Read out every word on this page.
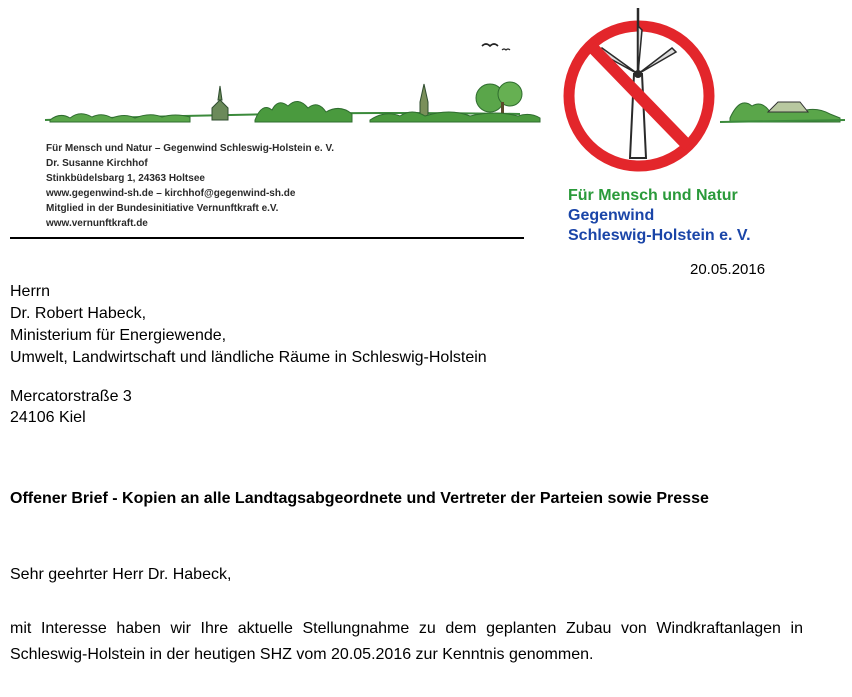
Für Mensch und Natur – Gegenwind Schleswig-Holstein e. V.
Dr. Susanne Kirchhof
Stinkbüdelsbarg 1, 24363 Holtsee
www.gegenwind-sh.de – kirchhof@gegenwind-sh.de
Mitglied in der Bundesinitiative Vernunftkraft e.V.
www.vernunftkraft.de
Für Mensch und Natur
Gegenwind
Schleswig-Holstein e. V.
20.05.2016
Herrn
Dr. Robert Habeck,
Ministerium für Energiewende,
Umwelt, Landwirtschaft und ländliche Räume in Schleswig-Holstein
Mercatorstraße 3
24106 Kiel
Offener Brief - Kopien an alle Landtagsabgeordnete und Vertreter der Parteien sowie Presse
Sehr geehrter Herr Dr. Habeck,
mit Interesse haben wir Ihre aktuelle Stellungnahme zu dem geplanten Zubau von Windkraftanlagen in Schleswig-Holstein in der heutigen SHZ vom 20.05.2016 zur Kenntnis genommen.
